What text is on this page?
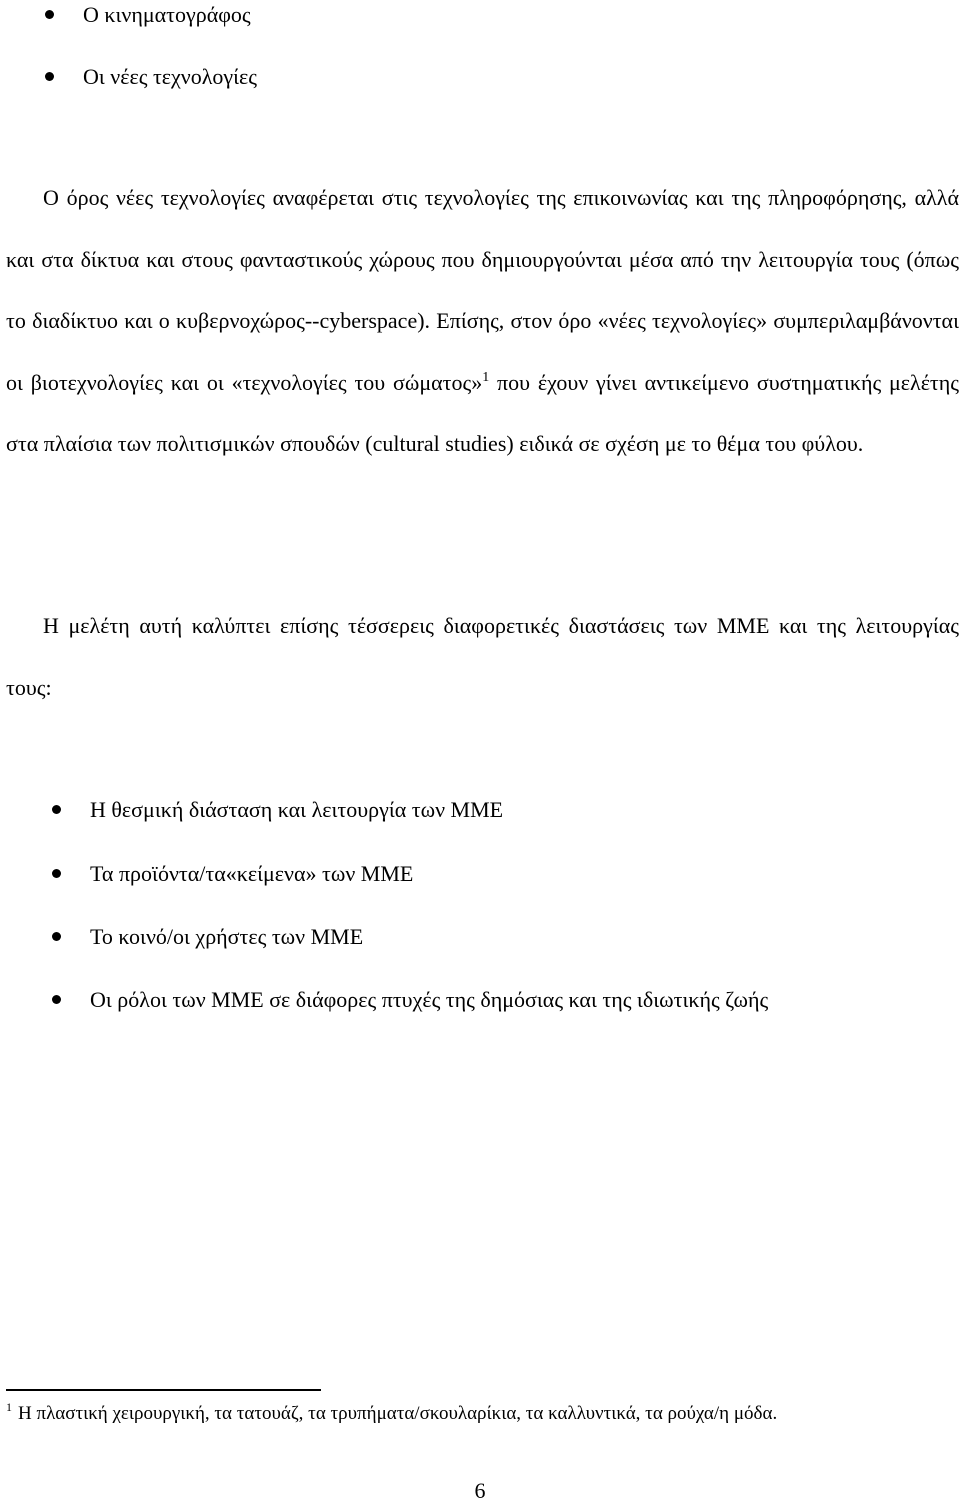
Ο κινηματογράφος
Οι νέες τεχνολογίες

Ο όρος νέες τεχνολογίες αναφέρεται στις τεχνολογίες της επικοινωνίας και της πληροφόρησης, αλλά και στα δίκτυα και στους φανταστικούς χώρους που δημιουργούνται μέσα από την λειτουργία τους (όπως το διαδίκτυο και ο κυβερνοχώρος--cyberspace). Επίσης, στον όρο «νέες τεχνολογίες» συμπεριλαμβάνονται οι βιοτεχνολογίες και οι «τεχνολογίες του σώματος»$^1$ που έχουν γίνει αντικείμενο συστηματικής μελέτης στα πλαίσια των πολιτισμικών σπουδών (cultural studies) ειδικά σε σχέση με το θέμα του φύλου.

Η μελέτη αυτή καλύπτει επίσης τέσσερεις διαφορετικές διαστάσεις των ΜΜΕ και της λειτουργίας τους:

Η θεσμική διάσταση και λειτουργία των ΜΜΕ
Τα προϊόντα/τα«κείμενα» των ΜΜΕ
Το κοινό/οι χρήστες των ΜΜΕ
Οι ρόλοι των ΜΜΕ σε διάφορες πτυχές της δημόσιας και της ιδιωτικής ζωής
$^1$ Η πλαστική χειρουργική, τα τατουάζ, τα τρυπήματα/σκουλαρίκια, τα καλλυντικά, τα ρούχα/η μόδα.
6
